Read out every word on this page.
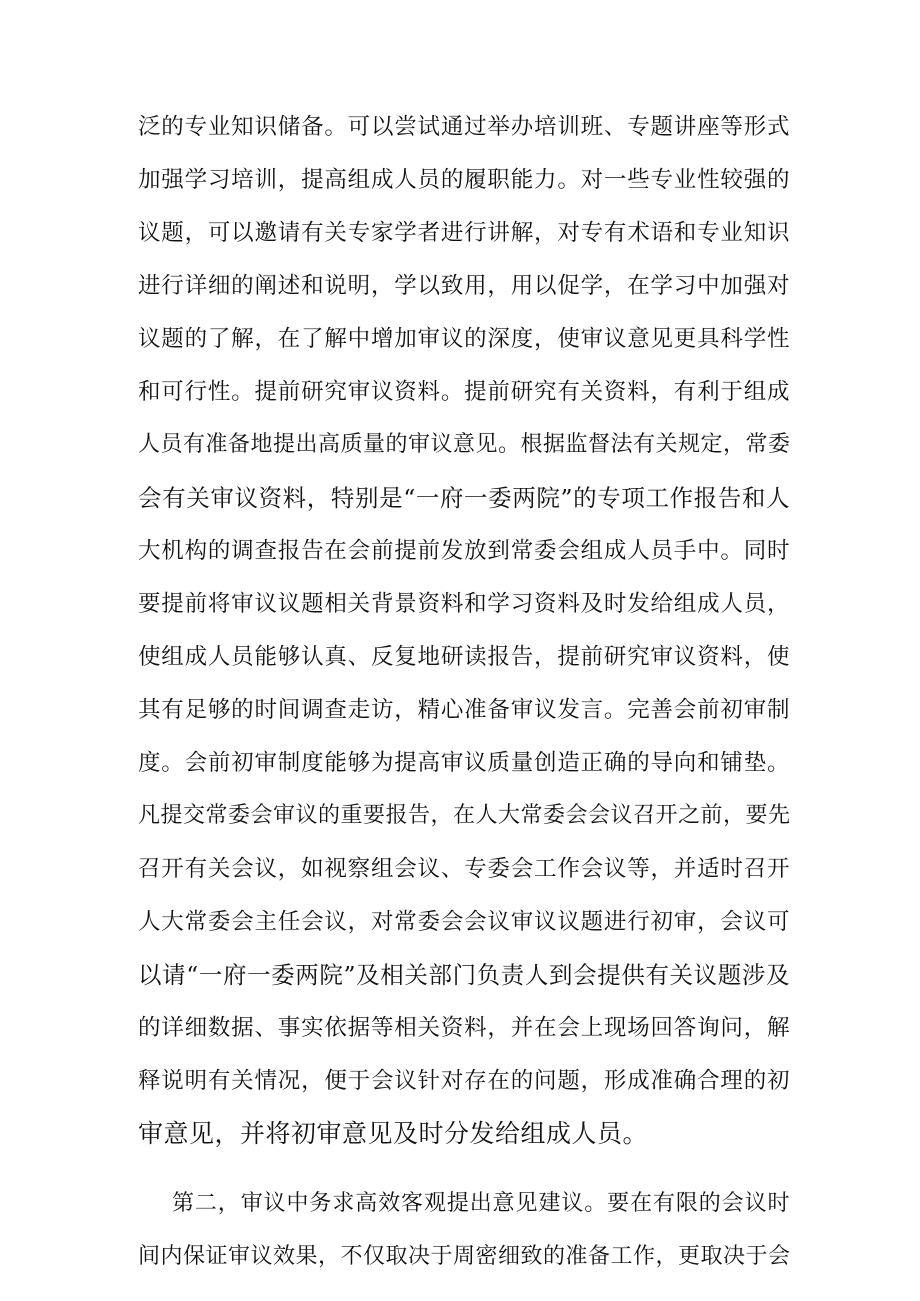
泛的专业知识储备。可以尝试通过举办培训班、专题讲座等形式
加强学习培训，提高组成人员的履职能力。对一些专业性较强的
议题，可以邀请有关专家学者进行讲解，对专有术语和专业知识
进行详细的阐述和说明，学以致用，用以促学，在学习中加强对
议题的了解，在了解中增加审议的深度，使审议意见更具科学性
和可行性。提前研究审议资料。提前研究有关资料，有利于组成
人员有准备地提出高质量的审议意见。根据监督法有关规定，常委
会有关审议资料，特别是“一府一委两院”的专项工作报告和人
大机构的调查报告在会前提前发放到常委会组成人员手中。同时
要提前将审议议题相关背景资料和学习资料及时发给组成人员，
使组成人员能够认真、反复地研读报告，提前研究审议资料，使
其有足够的时间调查走访，精心准备审议发言。完善会前初审制
度。会前初审制度能够为提高审议质量创造正确的导向和铺垫。
凡提交常委会审议的重要报告，在人大常委会会议召开之前，要先
召开有关会议，如视察组会议、专委会工作会议等，并适时召开
人大常委会主任会议，对常委会会议审议议题进行初审，会议可
以请“一府一委两院”及相关部门负责人到会提供有关议题涉及
的详细数据、事实依据等相关资料，并在会上现场回答询问，解
释说明有关情况，便于会议针对存在的问题，形成准确合理的初
审意见，并将初审意见及时分发给组成人员。
第二，审议中务求高效客观提出意见建议。要在有限的会议时
间内保证审议效果，不仅取决于周密细致的准备工作，更取决于会
